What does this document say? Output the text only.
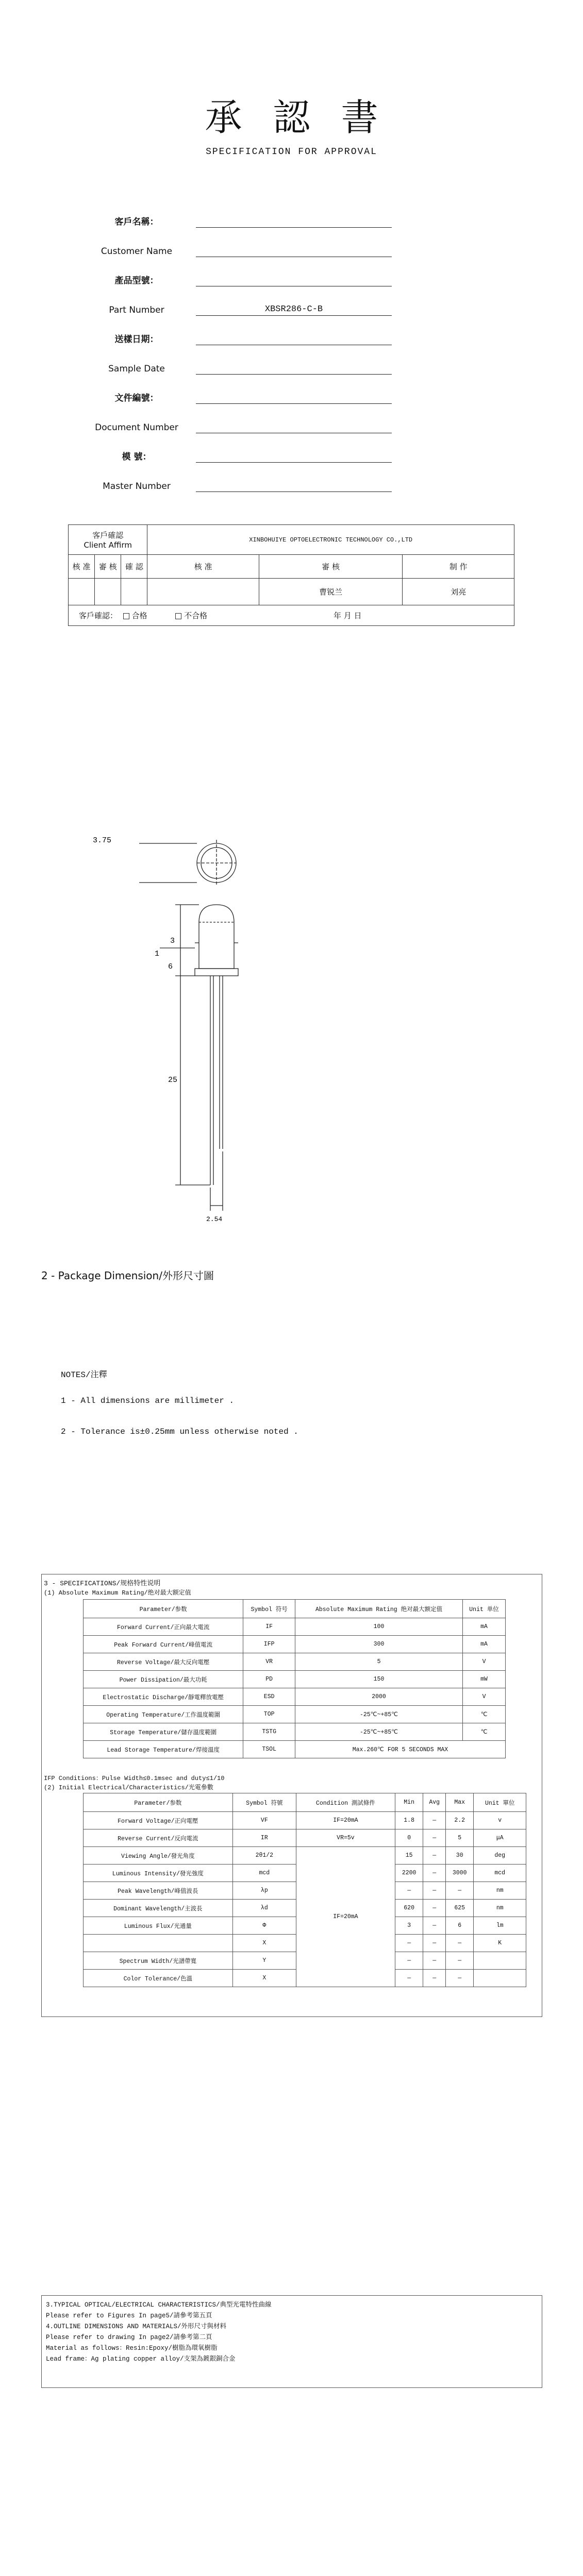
承認書
SPECIFICATION FOR APPROVAL
客戶名稱：
Customer Name
產品型號：
Part Number	XBSR286-C-B
送樣日期：
Sample Date
文件編號：
Document Number
模 號：
Master Number
客戶確認
Client Affirm			XINBOHUIYE OPTOELECTRONIC TECHNOLOGY CO.,LTD		
核 准	審 核	確 認	核 准	審 核	制 作
				曹锐兰	刘亮
客戶確認： 合格 不合格 年 月 日					
3.75
3
6
1
25
2.54
2 - Package Dimension/外形尺寸圖
NOTES/注釋
1 - All dimensions are millimeter .
2 - Tolerance is±0.25mm unless otherwise noted .
3 - SPECIFICATIONS/规格特性说明
(1) Absolute Maximum Rating/绝对最大额定值
Parameter/参数	Symbol 符号	Absolute Maximum Rating 绝对最大额定值	Unit 单位
Forward Current/正向最大電流	IF	100	mA
Peak Forward Current/峰值電流	IFP	300	mA
Reverse Voltage/最大反向電壓	VR	5	V
Power Dissipation/最大功耗	PD	150	mW
Electrostatic Discharge/靜電釋放電壓	ESD	2000	V
Operating Temperature/工作溫度範圍	TOP	-25℃~+85℃	℃
Storage Temperature/儲存溫度範圍	TSTG	-25℃~+85℃	℃
Lead Storage Temperature/焊接溫度	TSOL	Max.260℃ FOR 5 SECONDS MAX	
IFP Conditions：Pulse Width≤0.1msec and duty≤1/10
(2) Initial Electrical/Characteristics/光電參數
Parameter/参数	Symbol 符號	Condition 測試條件	Min	Avg	Max	Unit 單位
Forward Voltage/正向電壓	VF	IF=20mA	1.8	—	2.2	v
Reverse Current/反向電流	IR	VR=5v	0	—	5	μA
Viewing Angle/發光角度	2θ1/2	IF=20mA	15	—	30	deg
Luminous Intensity/發光強度	mcd		2200	—	3000	mcd
Peak Wavelength/峰值波長	λp		—	—	—	nm
Dominant Wavelength/主波長	λd		620	—	625	nm
Luminous Flux/光通量	Φ		3	—	6	lm
	X		—	—	—	K
Spectrum Width/光譜帶寬	Y		—	—	—	
Color Tolerance/色溫	X		—	—	—	
3.TYPICAL OPTICAL/ELECTRICAL CHARACTERISTICS/典型光電特性曲線
Please refer to Figures In page5/請參考第五頁
4.OUTLINE DIMENSIONS AND MATERIALS/外形尺寸與材料
Please refer to drawing In page2/請參考第二頁
Material as follows：Resin:Epoxy/樹脂為環氧樹脂
Lead frame：Ag plating copper alloy/支架為鍍銀銅合金
